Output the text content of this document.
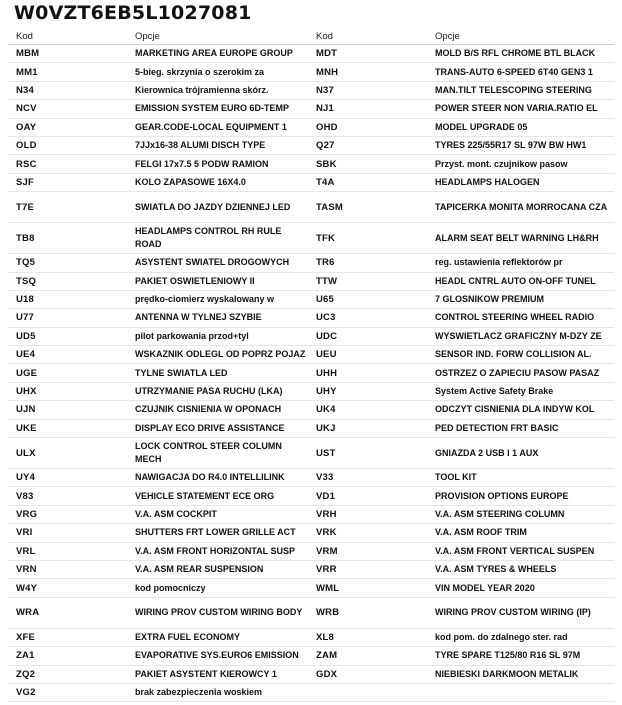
W0VZT6EB5L1027081
Kod	Opcje	Kod	Opcje
MBM	MARKETING AREA EUROPE GROUP	MDT	MOLD B/S RFL CHROME BTL BLACK
MM1	5-bieg. skrzynia o szerokim za	MNH	TRANS-AUTO 6-SPEED 6T40 GEN3 1
N34	Kierownica trójramienna skórz.	N37	MAN.TILT TELESCOPING STEERING
NCV	EMISSION SYSTEM EURO 6D-TEMP	NJ1	POWER STEER NON VARIA.RATIO EL
OAY	GEAR.CODE-LOCAL EQUIPMENT 1	OHD	MODEL UPGRADE 05
OLD	7JJx16-38 ALUMI DISCH TYPE	Q27	TYRES 225/55R17 SL 97W BW HW1
RSC	FELGI 17x7.5 5 PODW RAMION	SBK	Przyst. mont. czujnikow pasow
SJF	KOLO ZAPASOWE 16X4.0	T4A	HEADLAMPS HALOGEN
T7E	SWIATLA DO JAZDY DZIENNEJ LED	TASM	TAPICERKA MONITA MORROCANA CZA
TB8	HEADLAMPS CONTROL RH RULE ROAD	TFK	ALARM SEAT BELT WARNING LH&RH
TQ5	ASYSTENT SWIATEL DROGOWYCH	TR6	reg. ustawienia reflektorów pr
TSQ	PAKIET OSWIETLENIOWY II	TTW	HEADL CNTRL AUTO ON-OFF TUNEL
U18	prędko-ciomierz wyskalowany w	U65	7 GLOSNIKOW PREMIUM
U77	ANTENNA W TYLNEJ SZYBIE	UC3	CONTROL STEERING WHEEL RADIO
UD5	pilot parkowania przod+tyl	UDC	WYSWIETLACZ GRAFICZNY M-DZY ZE
UE4	WSKAZNIK ODLEGL OD POPRZ POJAZ	UEU	SENSOR IND. FORW COLLISION AL.
UGE	TYLNE SWIATLA LED	UHH	OSTRZEZ O ZAPIECIU PASOW PASAZ
UHX	UTRZYMANIE PASA RUCHU (LKA)	UHY	System Active Safety Brake
UJN	CZUJNIK CISNIENIA W OPONACH	UK4	ODCZYT CISNIENIA DLA INDYW KOL
UKE	DISPLAY ECO DRIVE ASSISTANCE	UKJ	PED DETECTION FRT BASIC
ULX	LOCK CONTROL STEER COLUMN MECH	UST	GNIAZDA 2 USB I 1 AUX
UY4	NAWIGACJA DO R4.0 INTELLILINK	V33	TOOL KIT
V83	VEHICLE STATEMENT ECE ORG	VD1	PROVISION OPTIONS EUROPE
VRG	V.A. ASM COCKPIT	VRH	V.A. ASM STEERING COLUMN
VRI	SHUTTERS FRT LOWER GRILLE ACT	VRK	V.A. ASM ROOF TRIM
VRL	V.A. ASM FRONT HORIZONTAL SUSP	VRM	V.A. ASM FRONT VERTICAL SUSPEN
VRN	V.A. ASM REAR SUSPENSION	VRR	V.A. ASM TYRES & WHEELS
W4Y	kod pomocniczy	WML	VIN MODEL YEAR 2020
WRA	WIRING PROV CUSTOM WIRING BODY	WRB	WIRING PROV CUSTOM WIRING (IP)
XFE	EXTRA FUEL ECONOMY	XL8	kod pom. do zdalnego ster. rad
ZA1	EVAPORATIVE SYS.EURO6 EMISSION	ZAM	TYRE SPARE T125/80 R16 SL 97M
ZQ2	PAKIET ASYSTENT KIEROWCY 1	GDX	NIEBIESKI DARKMOON METALIK
VG2	brak zabezpieczenia woskiem		
